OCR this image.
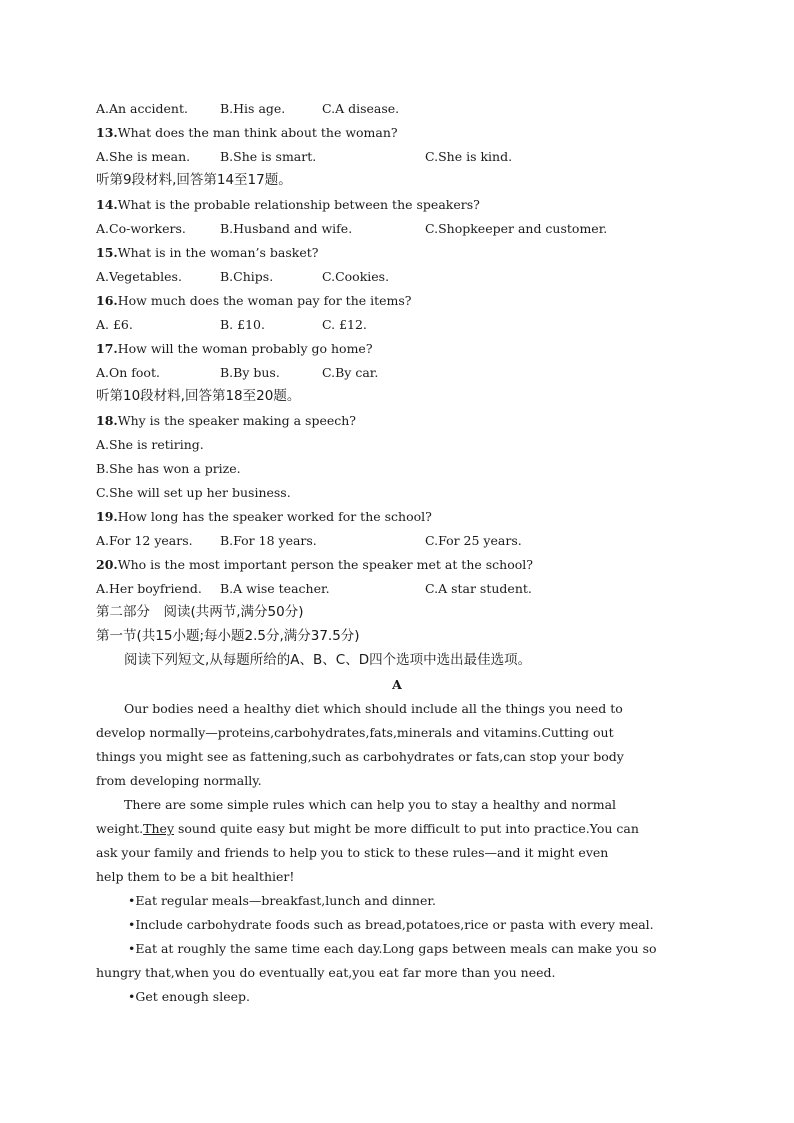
A.An accident.

	B.His age.

	C.A disease.

13.What does the man think about the woman?

A.She is mean.

B.She is smart.

	C.She is kind.

听第9段材料,回答第14至17题。
14.What is the probable relationship between the speakers?

A.Co-workers.

	B.Husband and wife.

	C.Shopkeeper and customer.

15.What is in the woman’s basket?

A.Vegetables.

	B.Chips.

	C.Cookies.

16.How much does the woman pay for the items?

A. £6.

	B. £10.

	C. £12.

17.How will the woman probably go home?

A.On foot.

	B.By bus.

	C.By car.

听第10段材料,回答第18至20题。
18.Why is the speaker making a speech?
A.She is retiring.
B.She has won a prize.
C.She will set up her business.
19.How long has the speaker worked for the school?

A.For 12 years.

B.For 18 years.

	C.For 25 years.

20.Who is the most important person the speaker met at the school?

A.Her boyfriend.

B.A wise teacher.

	C.A star student.

第二部分　阅读(共两节,满分50分)
第一节(共15小题;每小题2.5分,满分37.5分)
阅读下列短文,从每题所给的A、B、C、D四个选项中选出最佳选项。
A
Our bodies need a healthy diet which should include all the things you need to
develop normally—proteins,carbohydrates,fats,minerals and vitamins.Cutting out
things you might see as fattening,such as carbohydrates or fats,can stop your body
from developing normally.
There are some simple rules which can help you to stay a healthy and normal
weight.They sound quite easy but might be more difficult to put into practice.You can
ask your family and friends to help you to stick to these rules—and it might even
help them to be a bit healthier!
•Eat regular meals—breakfast,lunch and dinner.
•Include carbohydrate foods such as bread,potatoes,rice or pasta with every meal.
•Eat at roughly the same time each day.Long gaps between meals can make you so
hungry that,when you do eventually eat,you eat far more than you need.
•Get enough sleep.
